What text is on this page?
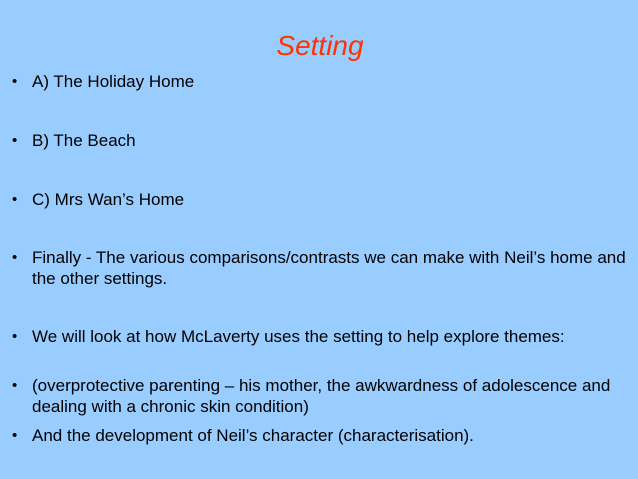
Setting
• A) The Holiday Home
• B) The Beach
• C) Mrs Wan’s Home
• Finally - The various comparisons/contrasts we can make with Neil’s home and the other settings.
• We will look at how McLaverty uses the setting to help explore themes:
• (overprotective parenting – his mother, the awkwardness of adolescence and dealing with a chronic skin condition)
• And the development of Neil’s character (characterisation).
